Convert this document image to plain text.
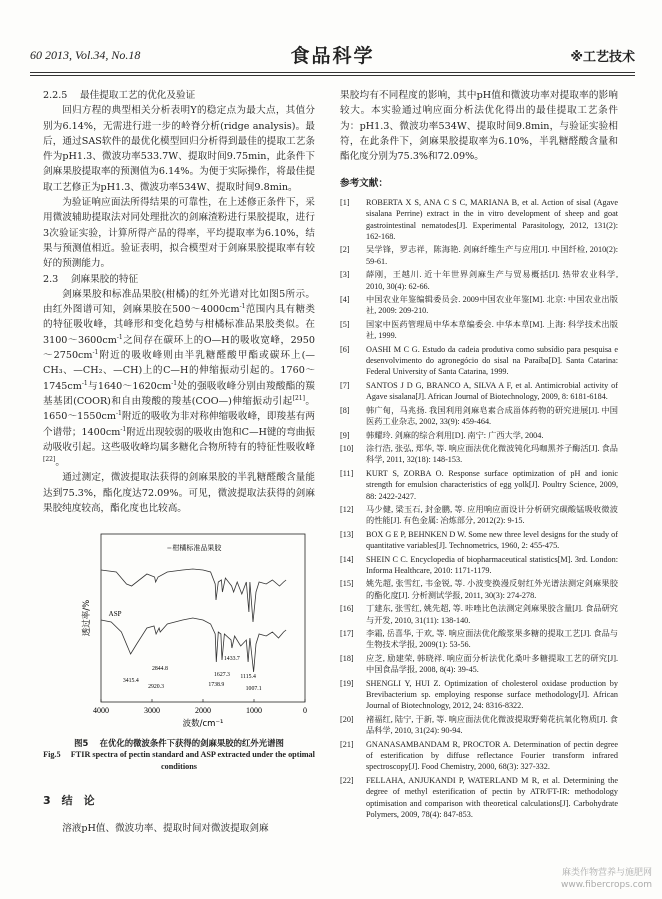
60 2013, Vol.34, No.18	食品科学	※工艺技术

2.2.5　 最佳提取工艺的优化及验证

回归方程的典型相关分析表明Y的稳定点为最大点，其值分别为6.14%，无需进行进一步的岭脊分析(ridge analysis)。最后，通过SAS软件的最优化模型回归分析得到最佳的提取工艺条件为pH1.3、微波功率533.7W、提取时间9.75min，此条件下剑麻果胶提取率的预测值为6.14%。为便于实际操作，将最佳提取工艺修正为pH1.3、微波功率534W、提取时间9.8min。

为验证响应面法所得结果的可靠性，在上述修正条件下，采用微波辅助提取法对同处理批次的剑麻渣粉进行果胶提取，进行3次验证实验，计算所得产品的得率，平均提取率为6.10%，结果与预测值相近。验证表明，拟合模型对于剑麻果胶提取率有较好的预测能力。

2.3　 剑麻果胶的特征

剑麻果胶和标准品果胶(柑橘)的红外光谱对比如图5所示。由红外图谱可知，剑麻果胶在$500\sim 4000cm^{-1}$范围内具有糖类的特征吸收峰，其峰形和变化趋势与柑橘标准品果胶类似。在$3100\sim 3600cm^{-1}$之间存在碳环上的O—H的吸收宽峰，$2950\sim 2750cm^{-1}$附近的吸收峰则由半乳糖醛酸甲酯或碳环上(—CH₃、—CH₂、—CH)上的C—H的伸缩振动引起的。$1760\sim 1745cm^{-1}$与$1640\sim 1620cm^{-1}$处的强吸收峰分别由羧酸酯的羰基基团(COOR)和自由羧酸的羧基(COO—)伸缩振动引起[21]。$1650\sim 1550cm^{-1}$附近的吸收为非对称伸缩吸收峰，即羧基有两个谱带；$1400cm^{-1}$附近出现较弱的吸收由饱和C—H键的弯曲振动吸收引起。这些吸收峰均属多糖化合物所特有的特征性吸收峰[22]。

通过测定，微波提取法获得的剑麻果胶的半乳糖醛酸含量能达到75.3%，酯化度达72.09%。可见，微波提取法获得的剑麻果胶纯度较高，酯化度也比较高。

4000	3000	2000	1000	0
波数/cm⁻¹
透过率/%
柑橘标准品果胶
ASP
3415.4
2920.3
2844.8
1738.9
1627.3
1433.7
1115.4
1007.1
图5　 在优化的微波条件下获得的剑麻果胶的红外光谱图
Fig.5　 FTIR spectra of pectin standard and ASP extracted under the optimal conditions
3　结　论

溶液pH值、微波功率、提取时间对微波提取剑麻

果胶均有不同程度的影响，其中pH值和微波功率对提取率的影响较大。本实验通过响应面分析法优化得出的最佳提取工艺条件为：pH1.3、微波功率534W、提取时间9.8min，与验证实验相符，在此条件下，剑麻果胶提取率为6.10%，半乳糖醛酸含量和酯化度分别为75.3%和72.09%。

参考文献：
[1] ROBERTA X S, ANA C S C, MARIANA B, et al. Action of sisal (Agave sisalana Perrine) extract in the in vitro development of sheep and goat gastrointestinal nematodes[J]. Experimental Parasitology, 2012, 131(2): 162-168.
[2] 吴学锋，罗志祥，陈海艳. 剑麻纤维生产与应用[J]. 中国纤检, 2010(2): 59-61.
[3] 薛刚，王越川. 近十年世界剑麻生产与贸易概括[J]. 热带农业科学, 2010, 30(4): 62-66.
[4] 中国农业年鉴编辑委员会. 2009中国农业年鉴[M]. 北京: 中国农业出版社, 2009: 209-210.
[5] 国家中医药管理局中华本草编委会. 中华本草[M]. 上海: 科学技术出版社, 1999.
[6] OASHI M C G. Estudo da cadeia produtiva como subsídio para pesquisa e desenvolvimento do agronegócio do sisal na Paraíba[D]. Santa Catarina: Federal University of Santa Catarina, 1999.
[7] SANTOS J D G, BRANCO A, SILVA A F, et al. Antimicrobial activity of Agave sisalana[J]. African Journal of Biotechnology, 2009, 8: 6181-6184.
[8] 韩广甸，马兆扬. 我国利用剑麻皂素合成甾体药物的研究进展[J]. 中国医药工业杂志, 2002, 33(9): 459-464.
[9] 韩耀玲. 剑麻的综合利用[D]. 南宁: 广西大学, 2004.
[10] 涂行浩, 张弘, 郑华, 等. 响应面法优化微波钝化玛咖黑芥子酶活[J]. 食品科学, 2011, 32(18): 148-153.
[11] KURT S, ZORBA O. Response surface optimization of pH and ionic strength for emulsion characteristics of egg yolk[J]. Poultry Science, 2009, 88: 2422-2427.
[12] 马少健, 梁玉石, 封金鹏, 等. 应用响应面设计分析研究碳酸锰吸收微波的性能[J]. 有色金属: 冶炼部分, 2012(2): 9-15.
[13] BOX G E P, BEHNKEN D W. Some new three level designs for the study of quantitative variables[J]. Technometrics, 1960, 2: 455-475.
[14] SHEIN C C. Encyclopedia of biopharmaceutical statistics[M]. 3rd. London: Informa Healthcare, 2010: 1171-1179.
[15] 姚先超, 张雪红, 韦金锐, 等. 小波变换漫反射红外光谱法测定剑麻果胶的酯化度[J]. 分析测试学报, 2011, 30(3): 274-278.
[16] 丁建东, 张雪红, 姚先超, 等. 咔唑比色法测定剑麻果胶含量[J]. 食品研究与开发, 2010, 31(11): 138-140.
[17] 李霜, 岳喜华, 于欢, 等. 响应面法优化酸浆果多糖的提取工艺[J]. 食品与生物技术学报, 2009(1): 53-56.
[18] 应芝, 励建荣, 韩晓祥. 响应面分析法优化桑叶多糖提取工艺的研究[J]. 中国食品学报, 2008, 8(4): 39-45.
[19] SHENGLI Y, HUI Z. Optimization of cholesterol oxidase production by Brevibacterium sp. employing response surface methodology[J]. African Journal of Biotechnology, 2012, 24: 8316-8322.
[20] 褚福红, 陆宁, 于新, 等. 响应面法优化微波提取野菊花抗氧化物质[J]. 食品科学, 2010, 31(24): 90-94.
[21] GNANASAMBANDAM R, PROCTOR A. Determination of pectin degree of esterification by diffuse reflectance Fourier transform infrared spectroscopy[J]. Food Chemistry, 2000, 68(3): 327-332.
[22] FELLAHA, ANJUKANDI P, WATERLAND M R, et al. Determining the degree of methyl esterification of pectin by ATR/FT-IR: methodology optimisation and comparison with theoretical calculations[J]. Carbohydrate Polymers, 2009, 78(4): 847-853.
麻类作物营养与施肥网
www.fibercrops.com
